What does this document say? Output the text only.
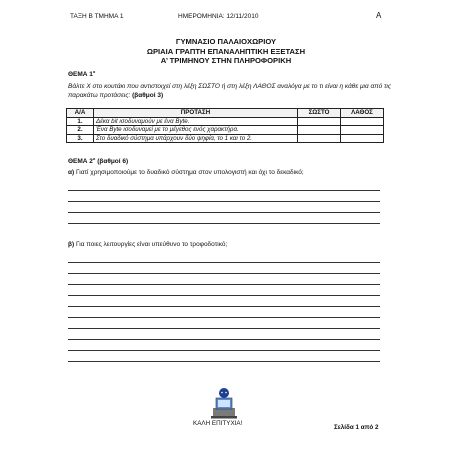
ΤΑΞΗ Β ΤΜΗΜΑ 1	ΗΜΕΡΟΜΗΝΙΑ: 12/11/2010	Α
ΓΥΜΝΑΣΙΟ ΠΑΛΑΙΟΧΩΡΙΟΥ
ΩΡΙΑΙΑ ΓΡΑΠΤΗ ΕΠΑΝΑΛΗΠΤΙΚΗ ΕΞΕΤΑΣΗ
Α’ ΤΡΙΜΗΝΟΥ ΣΤΗΝ ΠΛΗΡΟΦΟΡΙΚΗ
ΘΕΜΑ $1^o$
Βάλτε Χ στο κουτάκι που αντιστοιχεί στη λέξη ΣΩΣΤΟ ή στη λέξη ΛΑΘΟΣ αναλόγα με το τι είναι η κάθε μια από τις παρακάτω προτάσεις: (βαθμοί 3)
Α/Α	ΠΡΟΤΑΣΗ	ΣΩΣΤΟ	ΛΑΘΟΣ
1.	Δέκα bit ισοδυναμούν με ένα Byte.		
2.	Ένα Byte ισοδυναμεί με το μέγεθος ενός χαρακτήρα.		
3.	Στο δυαδικό σύστημα υπάρχουν δύο ψηφία, το 1 και το 2.		
ΘΕΜΑ $2^o$ (βαθμοί 6)
α) Γιατί χρησιμοποιούμε το δυαδικό σύστημα στον υπολογιστή και όχι το δεκαδικό;
β) Για ποιες λειτουργίες είναι υπεύθυνο το τροφοδοτικό;
ΚΑΛΗ ΕΠΙΤΥΧΙΑ!
Σελίδα 1 από 2
